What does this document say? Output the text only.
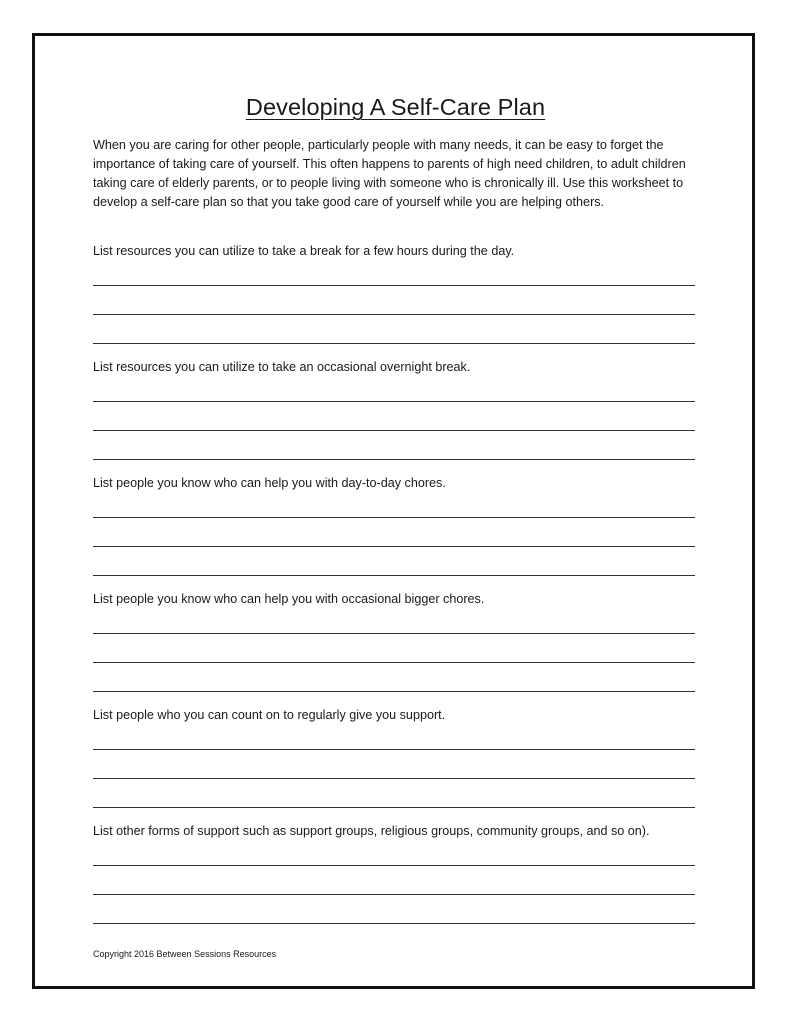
Developing A Self-Care Plan

When you are caring for other people, particularly people with many needs, it can be easy to forget the importance of taking care of yourself. This often happens to parents of high need children, to adult children taking care of elderly parents, or to people living with someone who is chronically ill. Use this worksheet to develop a self-care plan so that you take good care of yourself while you are helping others.

List resources you can utilize to take a break for a few hours during the day.

List resources you can utilize to take an occasional overnight break.

List people you know who can help you with day-to-day chores.

List people you know who can help you with occasional bigger chores.

List people who you can count on to regularly give you support.

List other forms of support such as support groups, religious groups, community groups, and so on).

Copyright 2016 Between Sessions Resources
